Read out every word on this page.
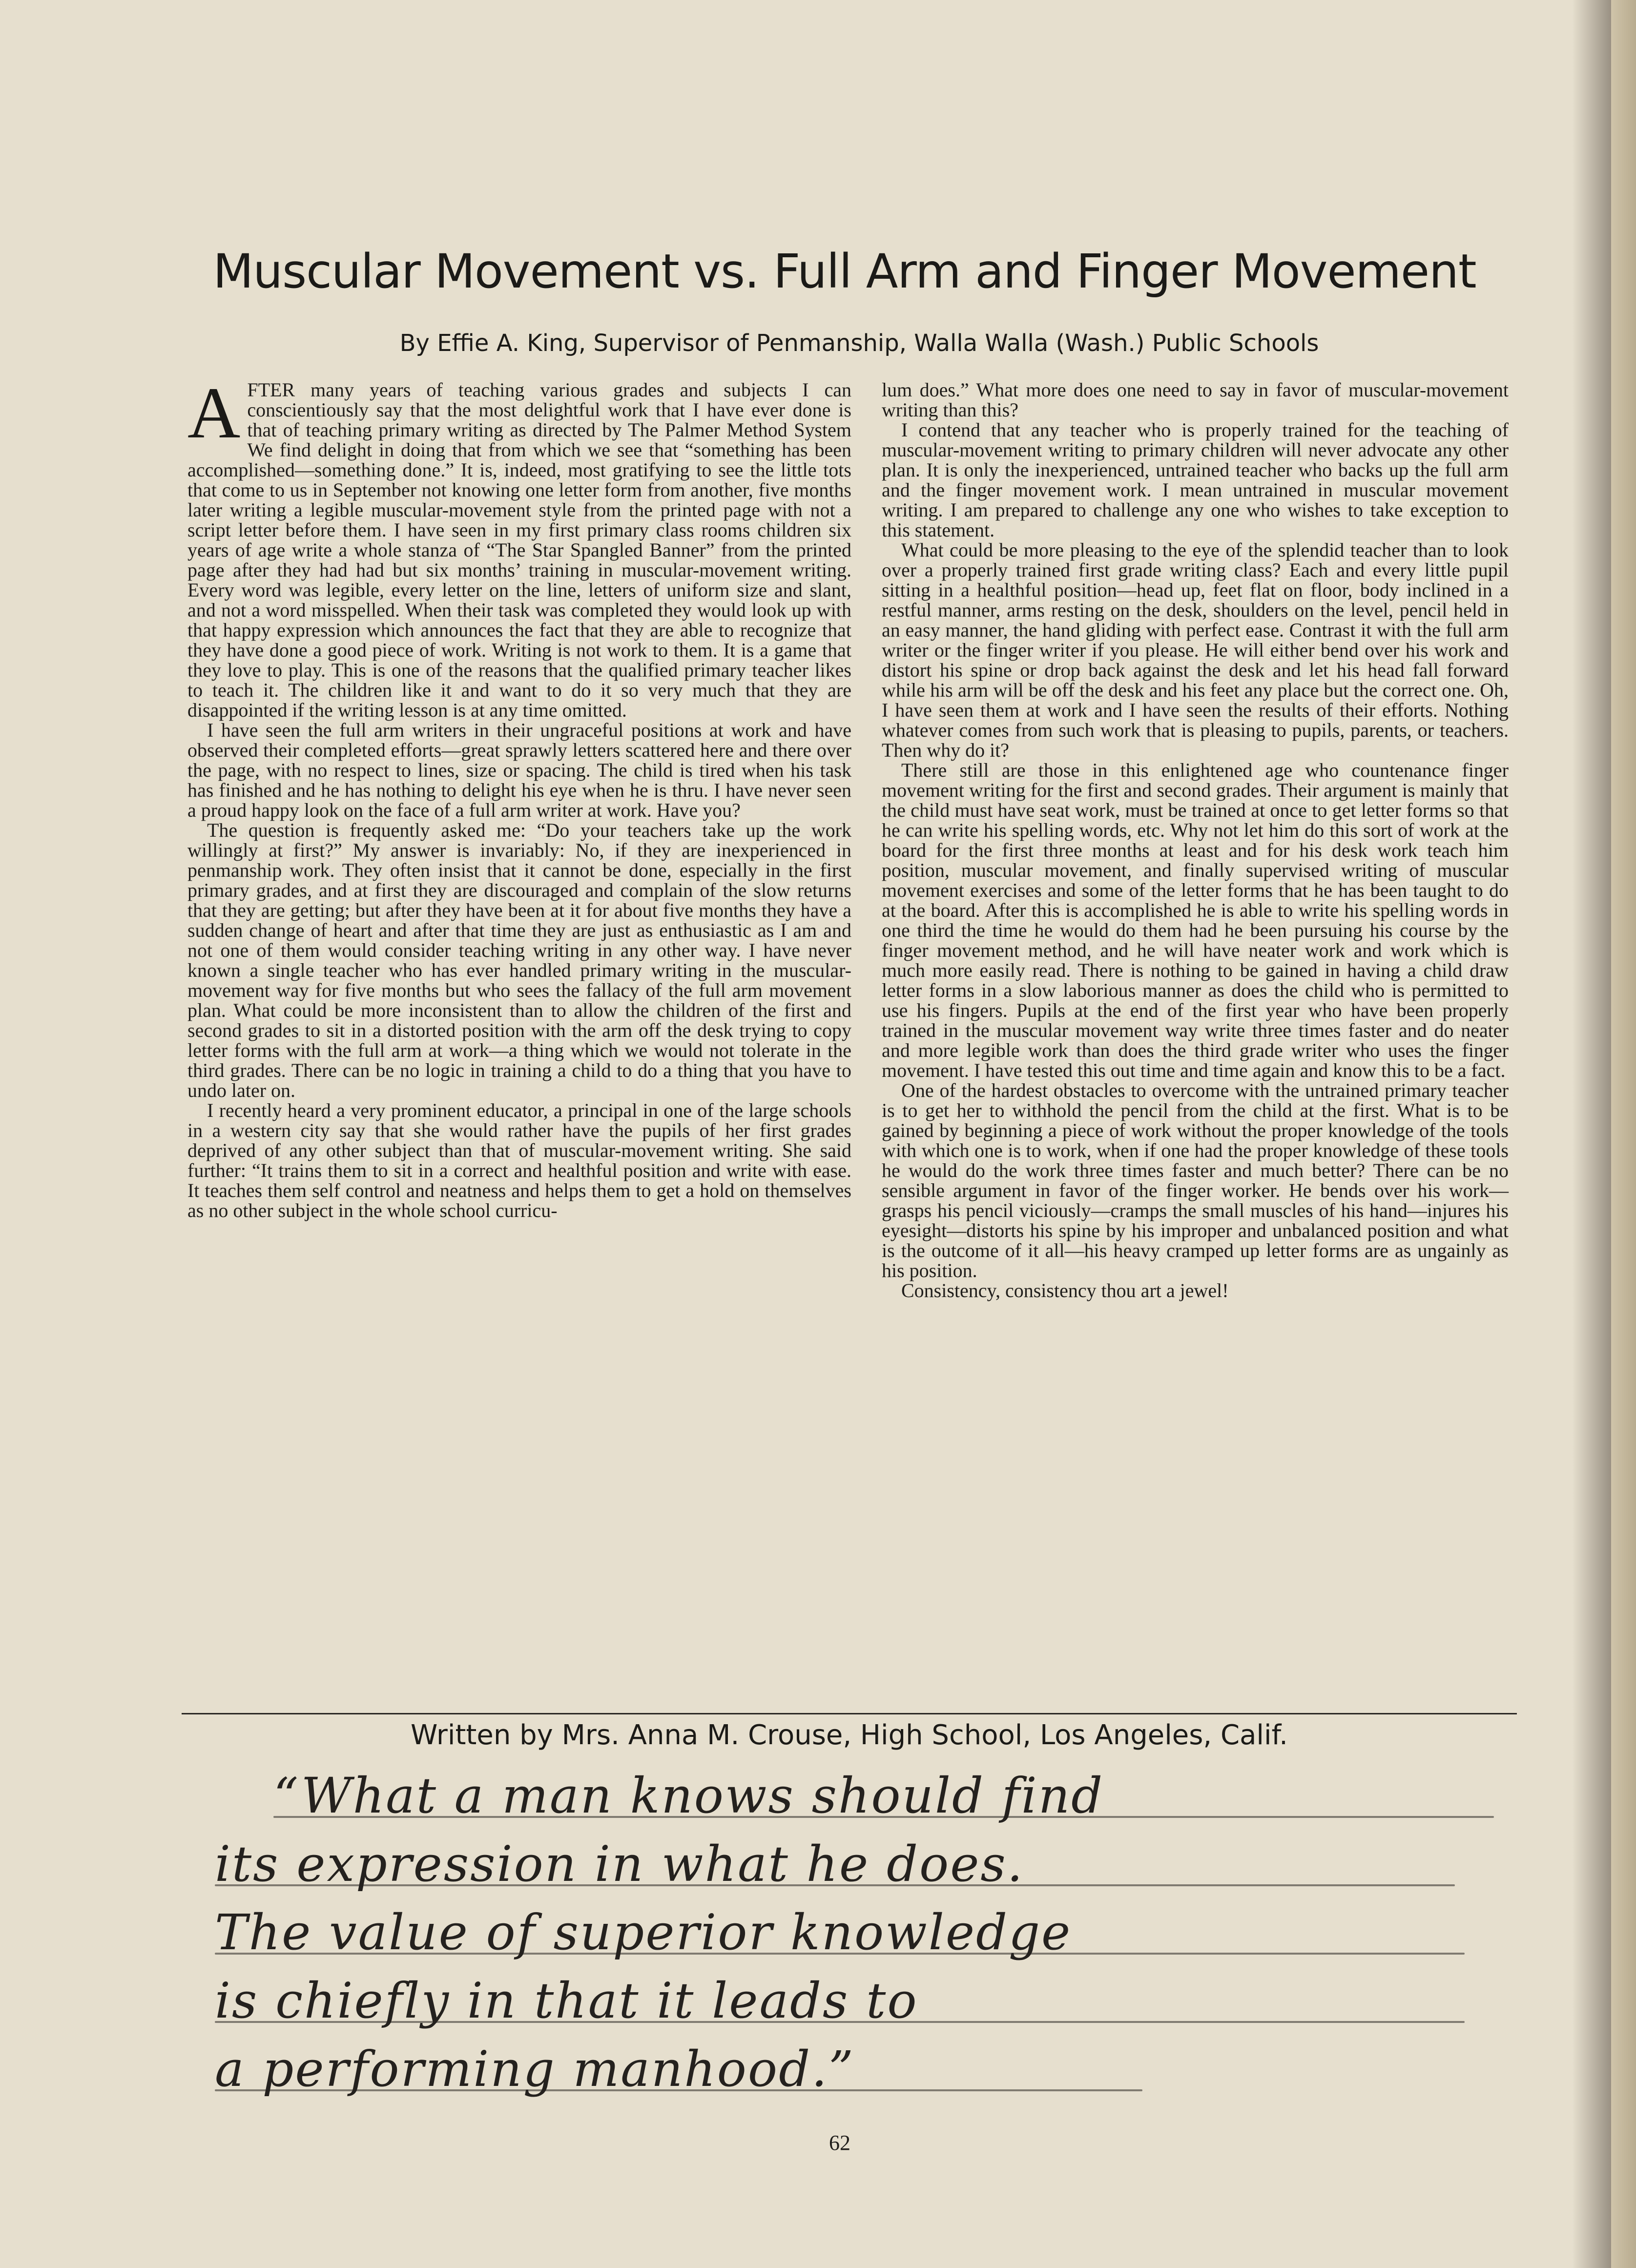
Muscular Movement vs. Full Arm and Finger Movement
By Effie A. King, Supervisor of Penmanship, Walla Walla (Wash.) Public Schools
A FTER many years of teaching various grades and subjects I can conscientiously say that the most delightful work that I have ever done is that of teaching primary writing as directed by The Palmer Method System We find delight in doing that from which we see that “something has been accomplished—something done.” It is, indeed, most gratifying to see the little tots that come to us in September not knowing one letter form from another, five months later writing a legible muscular-movement style from the printed page with not a script letter before them. I have seen in my first primary class rooms children six years of age write a whole stanza of “The Star Spangled Banner” from the printed page after they had had but six months’ training in muscular-movement writing. Every word was legible, every letter on the line, letters of uniform size and slant, and not a word misspelled. When their task was completed they would look up with that happy expression which announces the fact that they are able to recognize that they have done a good piece of work. Writing is not work to them. It is a game that they love to play. This is one of the reasons that the qualified primary teacher likes to teach it. The children like it and want to do it so very much that they are disappointed if the writing lesson is at any time omitted.

I have seen the full arm writers in their ungraceful positions at work and have observed their completed efforts—great sprawly letters scattered here and there over the page, with no respect to lines, size or spacing. The child is tired when his task has finished and he has nothing to delight his eye when he is thru. I have never seen a proud happy look on the face of a full arm writer at work. Have you?

The question is frequently asked me: “Do your teachers take up the work willingly at first?” My answer is invariably: No, if they are inexperienced in penmanship work. They often insist that it cannot be done, especially in the first primary grades, and at first they are discouraged and complain of the slow returns that they are getting; but after they have been at it for about five months they have a sudden change of heart and after that time they are just as enthusiastic as I am and not one of them would consider teaching writing in any other way. I have never known a single teacher who has ever handled primary writing in the muscular-movement way for five months but who sees the fallacy of the full arm movement plan. What could be more inconsistent than to allow the children of the first and second grades to sit in a distorted position with the arm off the desk trying to copy letter forms with the full arm at work—a thing which we would not tolerate in the third grades. There can be no logic in training a child to do a thing that you have to undo later on.

I recently heard a very prominent educator, a principal in one of the large schools in a western city say that she would rather have the pupils of her first grades deprived of any other subject than that of muscular-movement writing. She said further: “It trains them to sit in a correct and healthful position and write with ease. It teaches them self control and neatness and helps them to get a hold on themselves as no other subject in the whole school curricu-

lum does.” What more does one need to say in favor of muscular-movement writing than this?

I contend that any teacher who is properly trained for the teaching of muscular-movement writing to primary children will never advocate any other plan. It is only the inexperienced, untrained teacher who backs up the full arm and the finger movement work. I mean untrained in muscular movement writing. I am prepared to challenge any one who wishes to take exception to this statement.

What could be more pleasing to the eye of the splendid teacher than to look over a properly trained first grade writing class? Each and every little pupil sitting in a healthful position—head up, feet flat on floor, body inclined in a restful manner, arms resting on the desk, shoulders on the level, pencil held in an easy manner, the hand gliding with perfect ease. Contrast it with the full arm writer or the finger writer if you please. He will either bend over his work and distort his spine or drop back against the desk and let his head fall forward while his arm will be off the desk and his feet any place but the correct one. Oh, I have seen them at work and I have seen the results of their efforts. Nothing whatever comes from such work that is pleasing to pupils, parents, or teachers. Then why do it?

There still are those in this enlightened age who countenance finger movement writing for the first and second grades. Their argument is mainly that the child must have seat work, must be trained at once to get letter forms so that he can write his spelling words, etc. Why not let him do this sort of work at the board for the first three months at least and for his desk work teach him position, muscular movement, and finally supervised writing of muscular movement exercises and some of the letter forms that he has been taught to do at the board. After this is accomplished he is able to write his spelling words in one third the time he would do them had he been pursuing his course by the finger movement method, and he will have neater work and work which is much more easily read. There is nothing to be gained in having a child draw letter forms in a slow laborious manner as does the child who is permitted to use his fingers. Pupils at the end of the first year who have been properly trained in the muscular movement way write three times faster and do neater and more legible work than does the third grade writer who uses the finger movement. I have tested this out time and time again and know this to be a fact.

One of the hardest obstacles to overcome with the untrained primary teacher is to get her to withhold the pencil from the child at the first. What is to be gained by beginning a piece of work without the proper knowledge of the tools with which one is to work, when if one had the proper knowledge of these tools he would do the work three times faster and much better? There can be no sensible argument in favor of the finger worker. He bends over his work—grasps his pencil viciously—cramps the small muscles of his hand—injures his eyesight—distorts his spine by his improper and unbalanced position and what is the outcome of it all—his heavy cramped up letter forms are as ungainly as his position.

Consistency, consistency thou art a jewel!

Written by Mrs. Anna M. Crouse, High School, Los Angeles, Calif.
“What a man knows should find
its expression in what he does.
The value of superior knowledge
is chiefly in that it leads to
a performing manhood.”
62
